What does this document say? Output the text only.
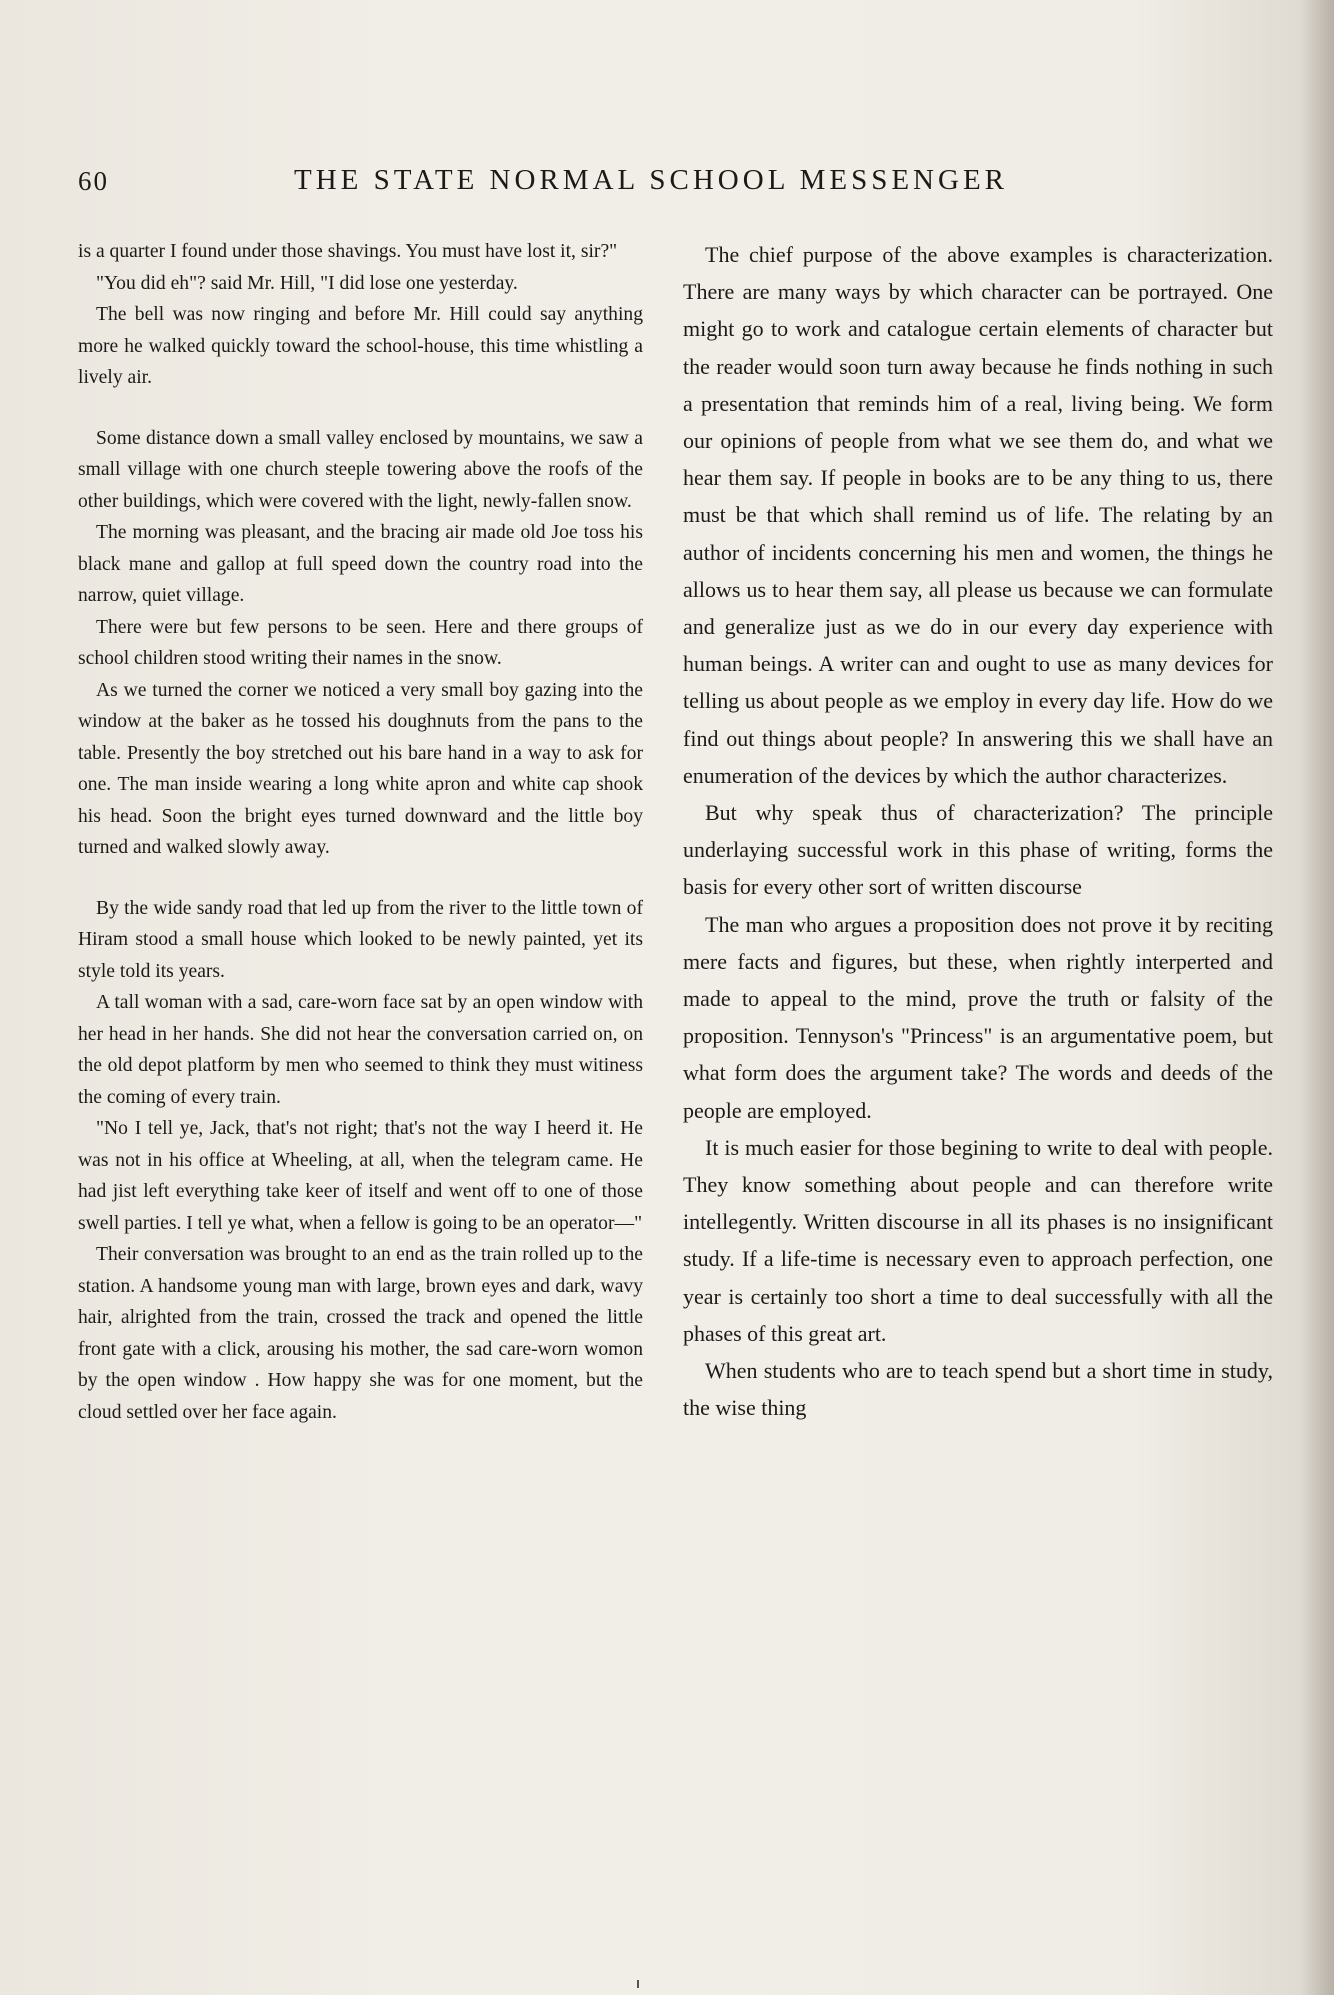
60	THE STATE NORMAL SCHOOL MESSENGER

is a quarter I found under those shavings. You must have lost it, sir?"

"You did eh"? said Mr. Hill, "I did lose one yesterday.

The bell was now ringing and before Mr. Hill could say anything more he walked quickly toward the school-house, this time whistling a lively air.

Some distance down a small valley enclosed by mountains, we saw a small village with one church steeple towering above the roofs of the other buildings, which were covered with the light, newly-fallen snow.

The morning was pleasant, and the bracing air made old Joe toss his black mane and gallop at full speed down the country road into the narrow, quiet village.

There were but few persons to be seen. Here and there groups of school children stood writing their names in the snow.

As we turned the corner we noticed a very small boy gazing into the window at the baker as he tossed his doughnuts from the pans to the table. Presently the boy stretched out his bare hand in a way to ask for one. The man inside wearing a long white apron and white cap shook his head. Soon the bright eyes turned downward and the little boy turned and walked slowly away.

By the wide sandy road that led up from the river to the little town of Hiram stood a small house which looked to be newly painted, yet its style told its years.

A tall woman with a sad, care-worn face sat by an open window with her head in her hands. She did not hear the conversation carried on, on the old depot platform by men who seemed to think they must witiness the coming of every train.

"No I tell ye, Jack, that's not right; that's not the way I heerd it. He was not in his office at Wheeling, at all, when the telegram came. He had jist left everything take keer of itself and went off to one of those swell parties. I tell ye what, when a fellow is going to be an operator—"

Their conversation was brought to an end as the train rolled up to the station. A handsome young man with large, brown eyes and dark, wavy hair, alrighted from the train, crossed the track and opened the little front gate with a click, arousing his mother, the sad care-worn womon by the open window . How happy she was for one moment, but the cloud settled over her face again.

The chief purpose of the above examples is characterization. There are many ways by which character can be portrayed. One might go to work and catalogue certain elements of character but the reader would soon turn away because he finds nothing in such a presentation that reminds him of a real, living being. We form our opinions of people from what we see them do, and what we hear them say. If people in books are to be any thing to us, there must be that which shall remind us of life. The relating by an author of incidents concerning his men and women, the things he allows us to hear them say, all please us because we can formulate and generalize just as we do in our every day experience with human beings. A writer can and ought to use as many devices for telling us about people as we employ in every day life. How do we find out things about people? In answering this we shall have an enumeration of the devices by which the author characterizes.

But why speak thus of characterization? The principle underlaying successful work in this phase of writing, forms the basis for every other sort of written discourse

The man who argues a proposition does not prove it by reciting mere facts and figures, but these, when rightly interperted and made to appeal to the mind, prove the truth or falsity of the proposition. Tennyson's "Princess" is an argumentative poem, but what form does the argument take? The words and deeds of the people are employed.

It is much easier for those begining to write to deal with people. They know something about people and can therefore write intellegently. Written discourse in all its phases is no insignificant study. If a life-time is necessary even to approach perfection, one year is certainly too short a time to deal successfully with all the phases of this great art.

When students who are to teach spend but a short time in study, the wise thing
